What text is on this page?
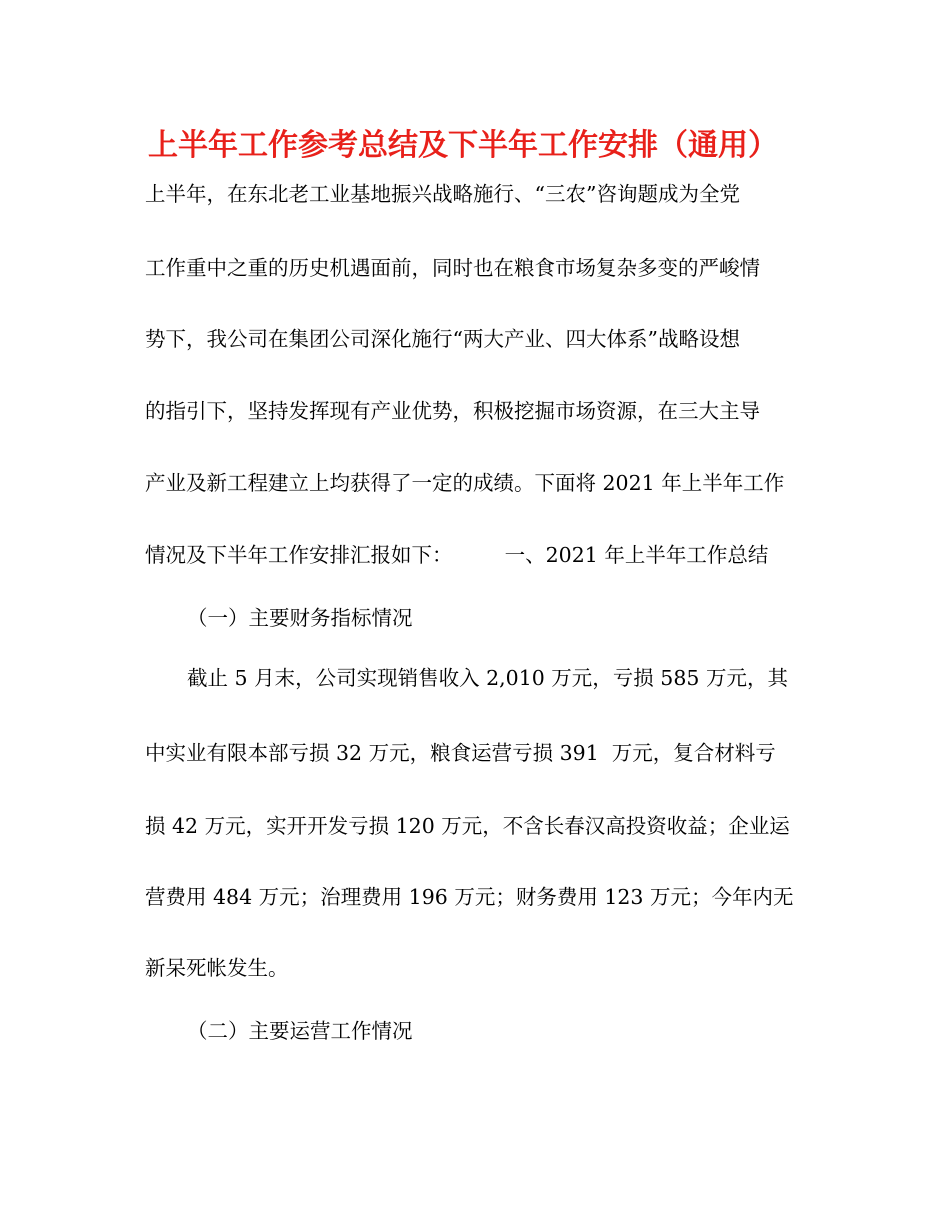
上半年工作参考总结及下半年工作安排（通用）
上半年，在东北老工业基地振兴战略施行、“三农”咨询题成为全党
工作重中之重的历史机遇面前，同时也在粮食市场复杂多变的严峻情
势下，我公司在集团公司深化施行“两大产业、四大体系”战略设想
的指引下，坚持发挥现有产业优势，积极挖掘市场资源，在三大主导
产业及新工程建立上均获得了一定的成绩。下面将 2021 年上半年工作
情况及下半年工作安排汇报如下：        一、2021 年上半年工作总结
（一）主要财务指标情况
截止 5 月末，公司实现销售收入 2,010 万元，亏损 585 万元，其
中实业有限本部亏损 32 万元，粮食运营亏损 391  万元，复合材料亏
损 42 万元，实开开发亏损 120 万元，不含长春汉高投资收益；企业运
营费用 484 万元；治理费用 196 万元；财务费用 123 万元；今年内无
新呆死帐发生。
（二）主要运营工作情况
